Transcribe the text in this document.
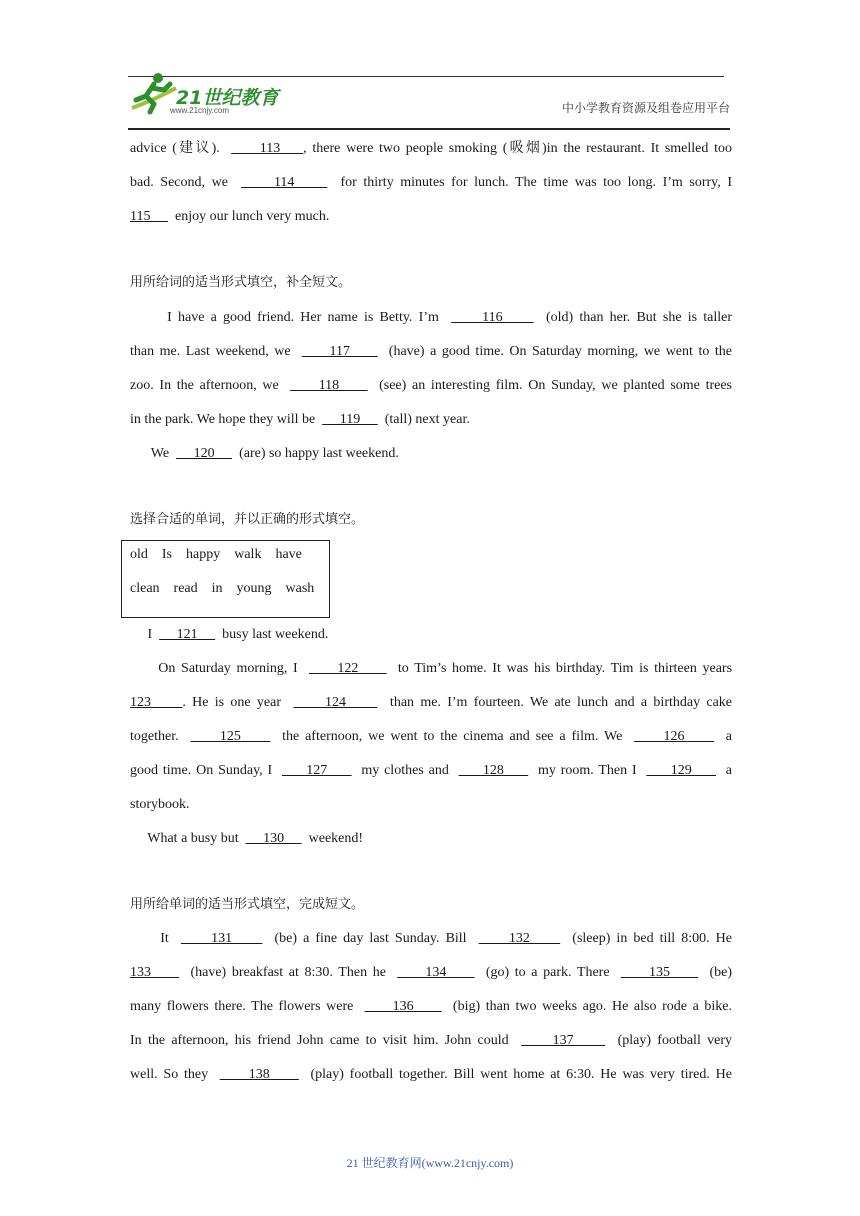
21世纪教育
www.21cnjy.com	中小学教育资源及组卷应用平台
advice (建议).       113    , there were two people smoking (吸烟)in the restaurant. It smelled too
bad. Second, we       114       for thirty minutes for lunch. The time was too long. I’m sorry, I
115       enjoy our lunch very much.
用所给词的适当形式填空，补全短文。
I have a good friend. Her name is Betty. I’m       116       (old) than her. But she is taller
than me. Last weekend, we       117       (have) a good time. On Saturday morning, we went to the
zoo. In the afternoon, we       118       (see) an interesting film. On Sunday, we planted some trees
in the park. We hope they will be       119       (tall) next year.
We       120       (are) so happy last weekend.
选择合适的单词，并以正确的形式填空。
old Is happy walk have
clean read in young wash
I       121       busy last weekend.
On Saturday morning, I       122       to Tim’s home. It was his birthday. Tim is thirteen years
123     . He is one year       124       than me. I’m fourteen. We ate lunch and a birthday cake
together.       125       the afternoon, we went to the cinema and see a film. We       126       a
good time. On Sunday, I       127       my clothes and       128       my room. Then I       129       a
storybook.
What a busy but       130       weekend!
用所给单词的适当形式填空，完成短文。
It       131       (be) a fine day last Sunday. Bill       132       (sleep) in bed till 8:00. He
133       (have) breakfast at 8:30. Then he       134       (go) to a park. There       135       (be)
many flowers there. The flowers were       136       (big) than two weeks ago. He also rode a bike.
In the afternoon, his friend John came to visit him. John could       137       (play) football very
well. So they       138       (play) football together. Bill went home at 6:30. He was very tired. He
21 世纪教育网(www.21cnjy.com)
